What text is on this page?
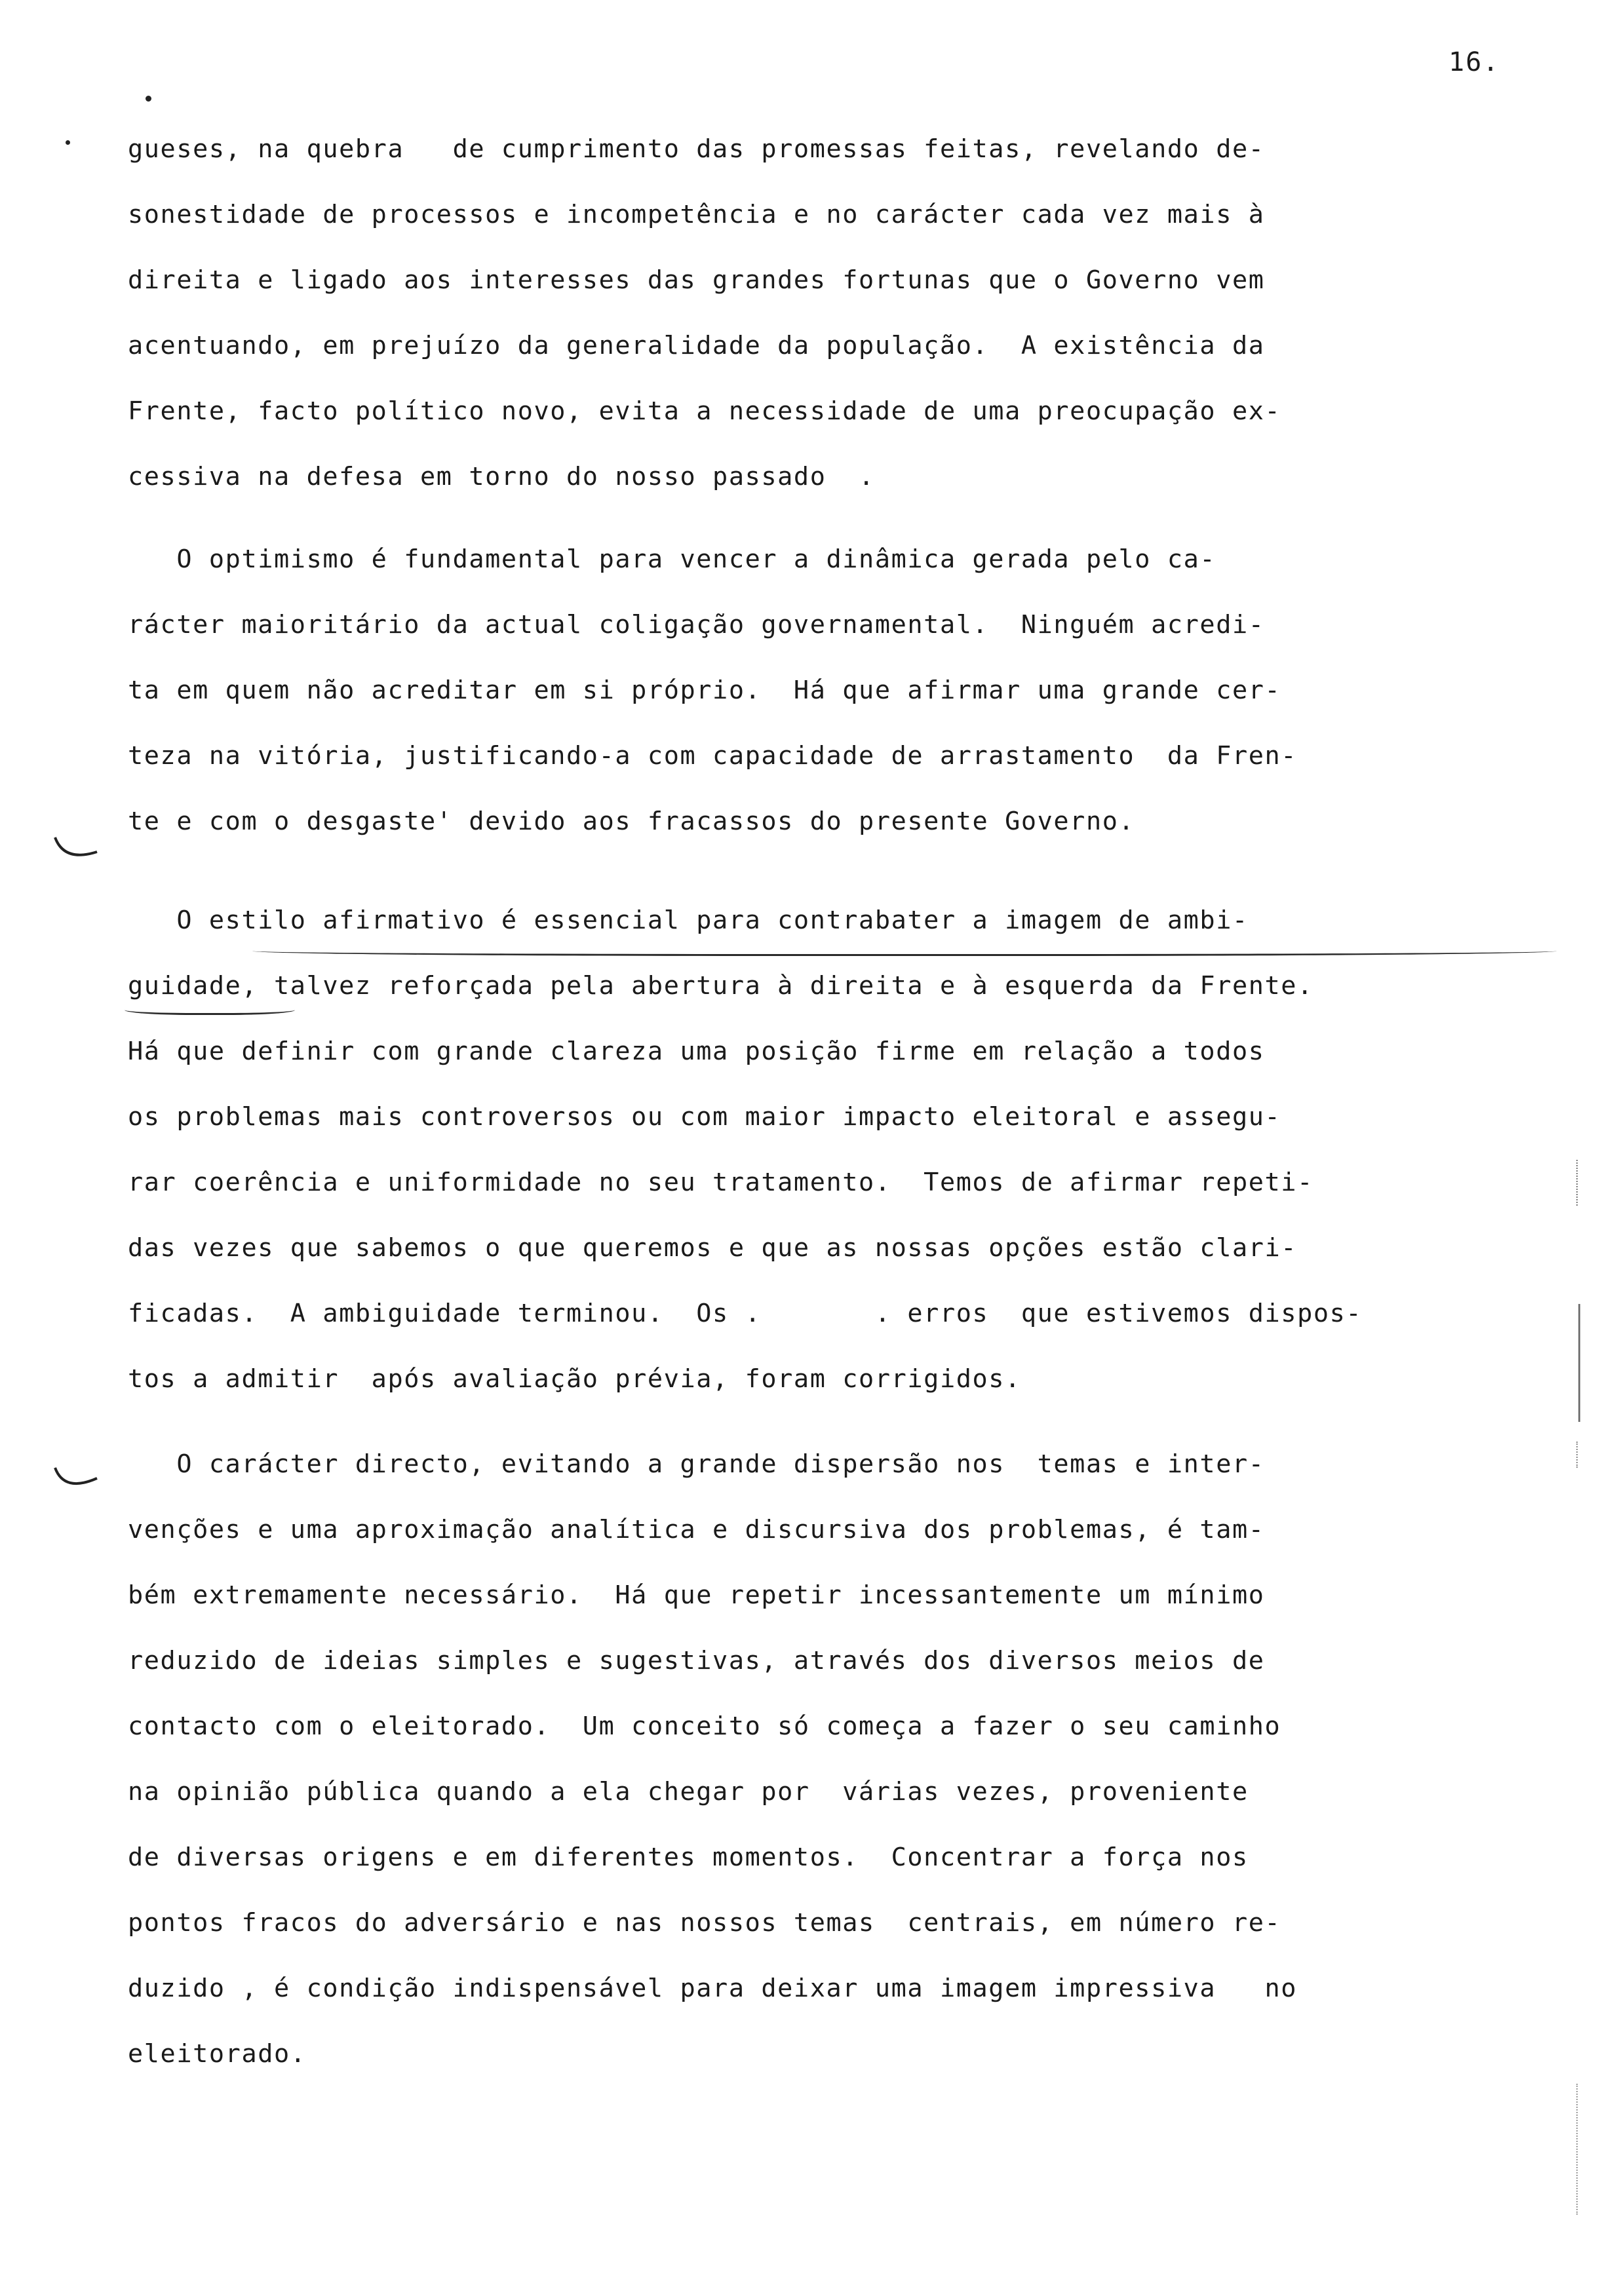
16.
gueses, na quebra   de cumprimento das promessas feitas, revelando de-
sonestidade de processos e incompetência e no carácter cada vez mais à
direita e ligado aos interesses das grandes fortunas que o Governo vem
acentuando, em prejuízo da generalidade da população.  A existência da
Frente, facto político novo, evita a necessidade de uma preocupação ex-
cessiva na defesa em torno do nosso passado  .
O optimismo é fundamental para vencer a dinâmica gerada pelo ca-
rácter maioritário da actual coligação governamental.  Ninguém acredi-
ta em quem não acreditar em si próprio.  Há que afirmar uma grande cer-
teza na vitória, justificando-a com capacidade de arrastamento  da Fren-
te e com o desgaste' devido aos fracassos do presente Governo.
O estilo afirmativo é essencial para contrabater a imagem de ambi-
guidade, talvez reforçada pela abertura à direita e à esquerda da Frente.
Há que definir com grande clareza uma posição firme em relação a todos
os problemas mais controversos ou com maior impacto eleitoral e assegu-
rar coerência e uniformidade no seu tratamento.  Temos de afirmar repeti-
das vezes que sabemos o que queremos e que as nossas opções estão clari-
ficadas.  A ambiguidade terminou.  Os .       . erros  que estivemos dispos-
tos a admitir  após avaliação prévia, foram corrigidos.
O carácter directo, evitando a grande dispersão nos  temas e inter-
venções e uma aproximação analítica e discursiva dos problemas, é tam-
bém extremamente necessário.  Há que repetir incessantemente um mínimo
reduzido de ideias simples e sugestivas, através dos diversos meios de
contacto com o eleitorado.  Um conceito só começa a fazer o seu caminho
na opinião pública quando a ela chegar por  várias vezes, proveniente
de diversas origens e em diferentes momentos.  Concentrar a força nos
pontos fracos do adversário e nas nossos temas  centrais, em número re-
duzido , é condição indispensável para deixar uma imagem impressiva   no
eleitorado.
